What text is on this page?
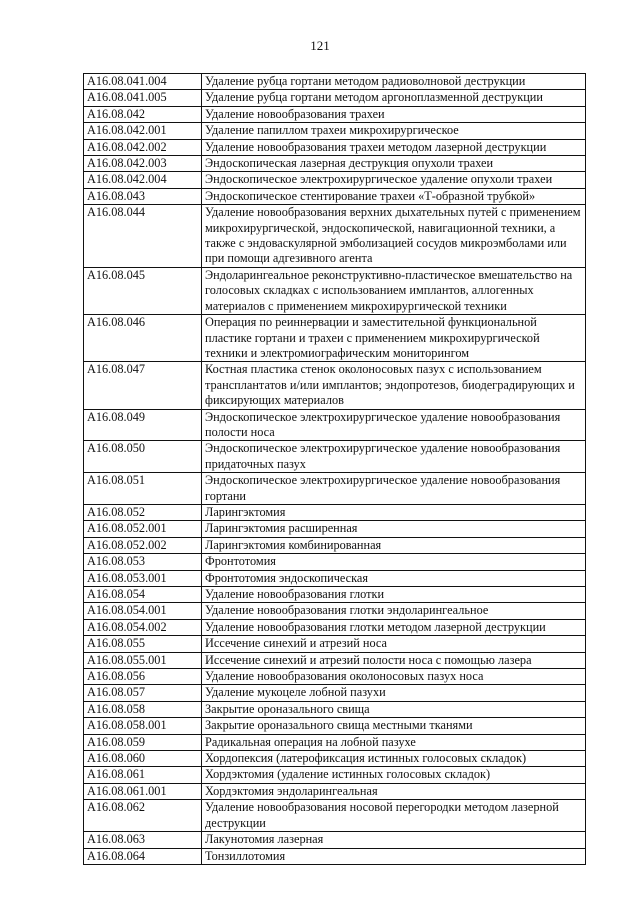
121
A16.08.041.004	Удаление рубца гортани методом радиоволновой деструкции
A16.08.041.005	Удаление рубца гортани методом аргоноплазменной деструкции
A16.08.042	Удаление новообразования трахеи
A16.08.042.001	Удаление папиллом трахеи микрохирургическое
A16.08.042.002	Удаление новообразования трахеи методом лазерной деструкции
A16.08.042.003	Эндоскопическая лазерная деструкция опухоли трахеи
A16.08.042.004	Эндоскопическое электрохирургическое удаление опухоли трахеи
A16.08.043	Эндоскопическое стентирование трахеи «Т-образной трубкой»
A16.08.044	Удаление новообразования верхних дыхательных путей с применением микрохирургической, эндоскопической, навигационной техники, а также с эндоваскулярной эмболизацией сосудов микроэмболами или при помощи адгезивного агента
A16.08.045	Эндоларингеальное реконструктивно-пластическое вмешательство на голосовых складках с использованием имплантов, аллогенных материалов с применением микрохирургической техники
A16.08.046	Операция по реиннервации и заместительной функциональной пластике гортани и трахеи с применением микрохирургической техники и электромиографическим мониторингом
A16.08.047	Костная пластика стенок околоносовых пазух с использованием трансплантатов и/или имплантов; эндопротезов, биодеградирующих и фиксирующих материалов
A16.08.049	Эндоскопическое электрохирургическое удаление новообразования полости носа
A16.08.050	Эндоскопическое электрохирургическое удаление новообразования придаточных пазух
A16.08.051	Эндоскопическое электрохирургическое удаление новообразования гортани
A16.08.052	Ларингэктомия
A16.08.052.001	Ларингэктомия расширенная
A16.08.052.002	Ларингэктомия комбинированная
A16.08.053	Фронтотомия
A16.08.053.001	Фронтотомия эндоскопическая
A16.08.054	Удаление новообразования глотки
A16.08.054.001	Удаление новообразования глотки эндоларингеальное
A16.08.054.002	Удаление новообразования глотки методом лазерной деструкции
A16.08.055	Иссечение синехий и атрезий носа
A16.08.055.001	Иссечение синехий и атрезий полости носа с помощью лазера
A16.08.056	Удаление новообразования околоносовых пазух носа
A16.08.057	Удаление мукоцеле лобной пазухи
A16.08.058	Закрытие ороназального свища
A16.08.058.001	Закрытие ороназального свища местными тканями
A16.08.059	Радикальная операция на лобной пазухе
A16.08.060	Хордопексия (латерофиксация истинных голосовых складок)
A16.08.061	Хордэктомия (удаление истинных голосовых складок)
A16.08.061.001	Хордэктомия эндоларингеальная
A16.08.062	Удаление новообразования носовой перегородки методом лазерной деструкции
A16.08.063	Лакунотомия лазерная
A16.08.064	Тонзиллотомия
